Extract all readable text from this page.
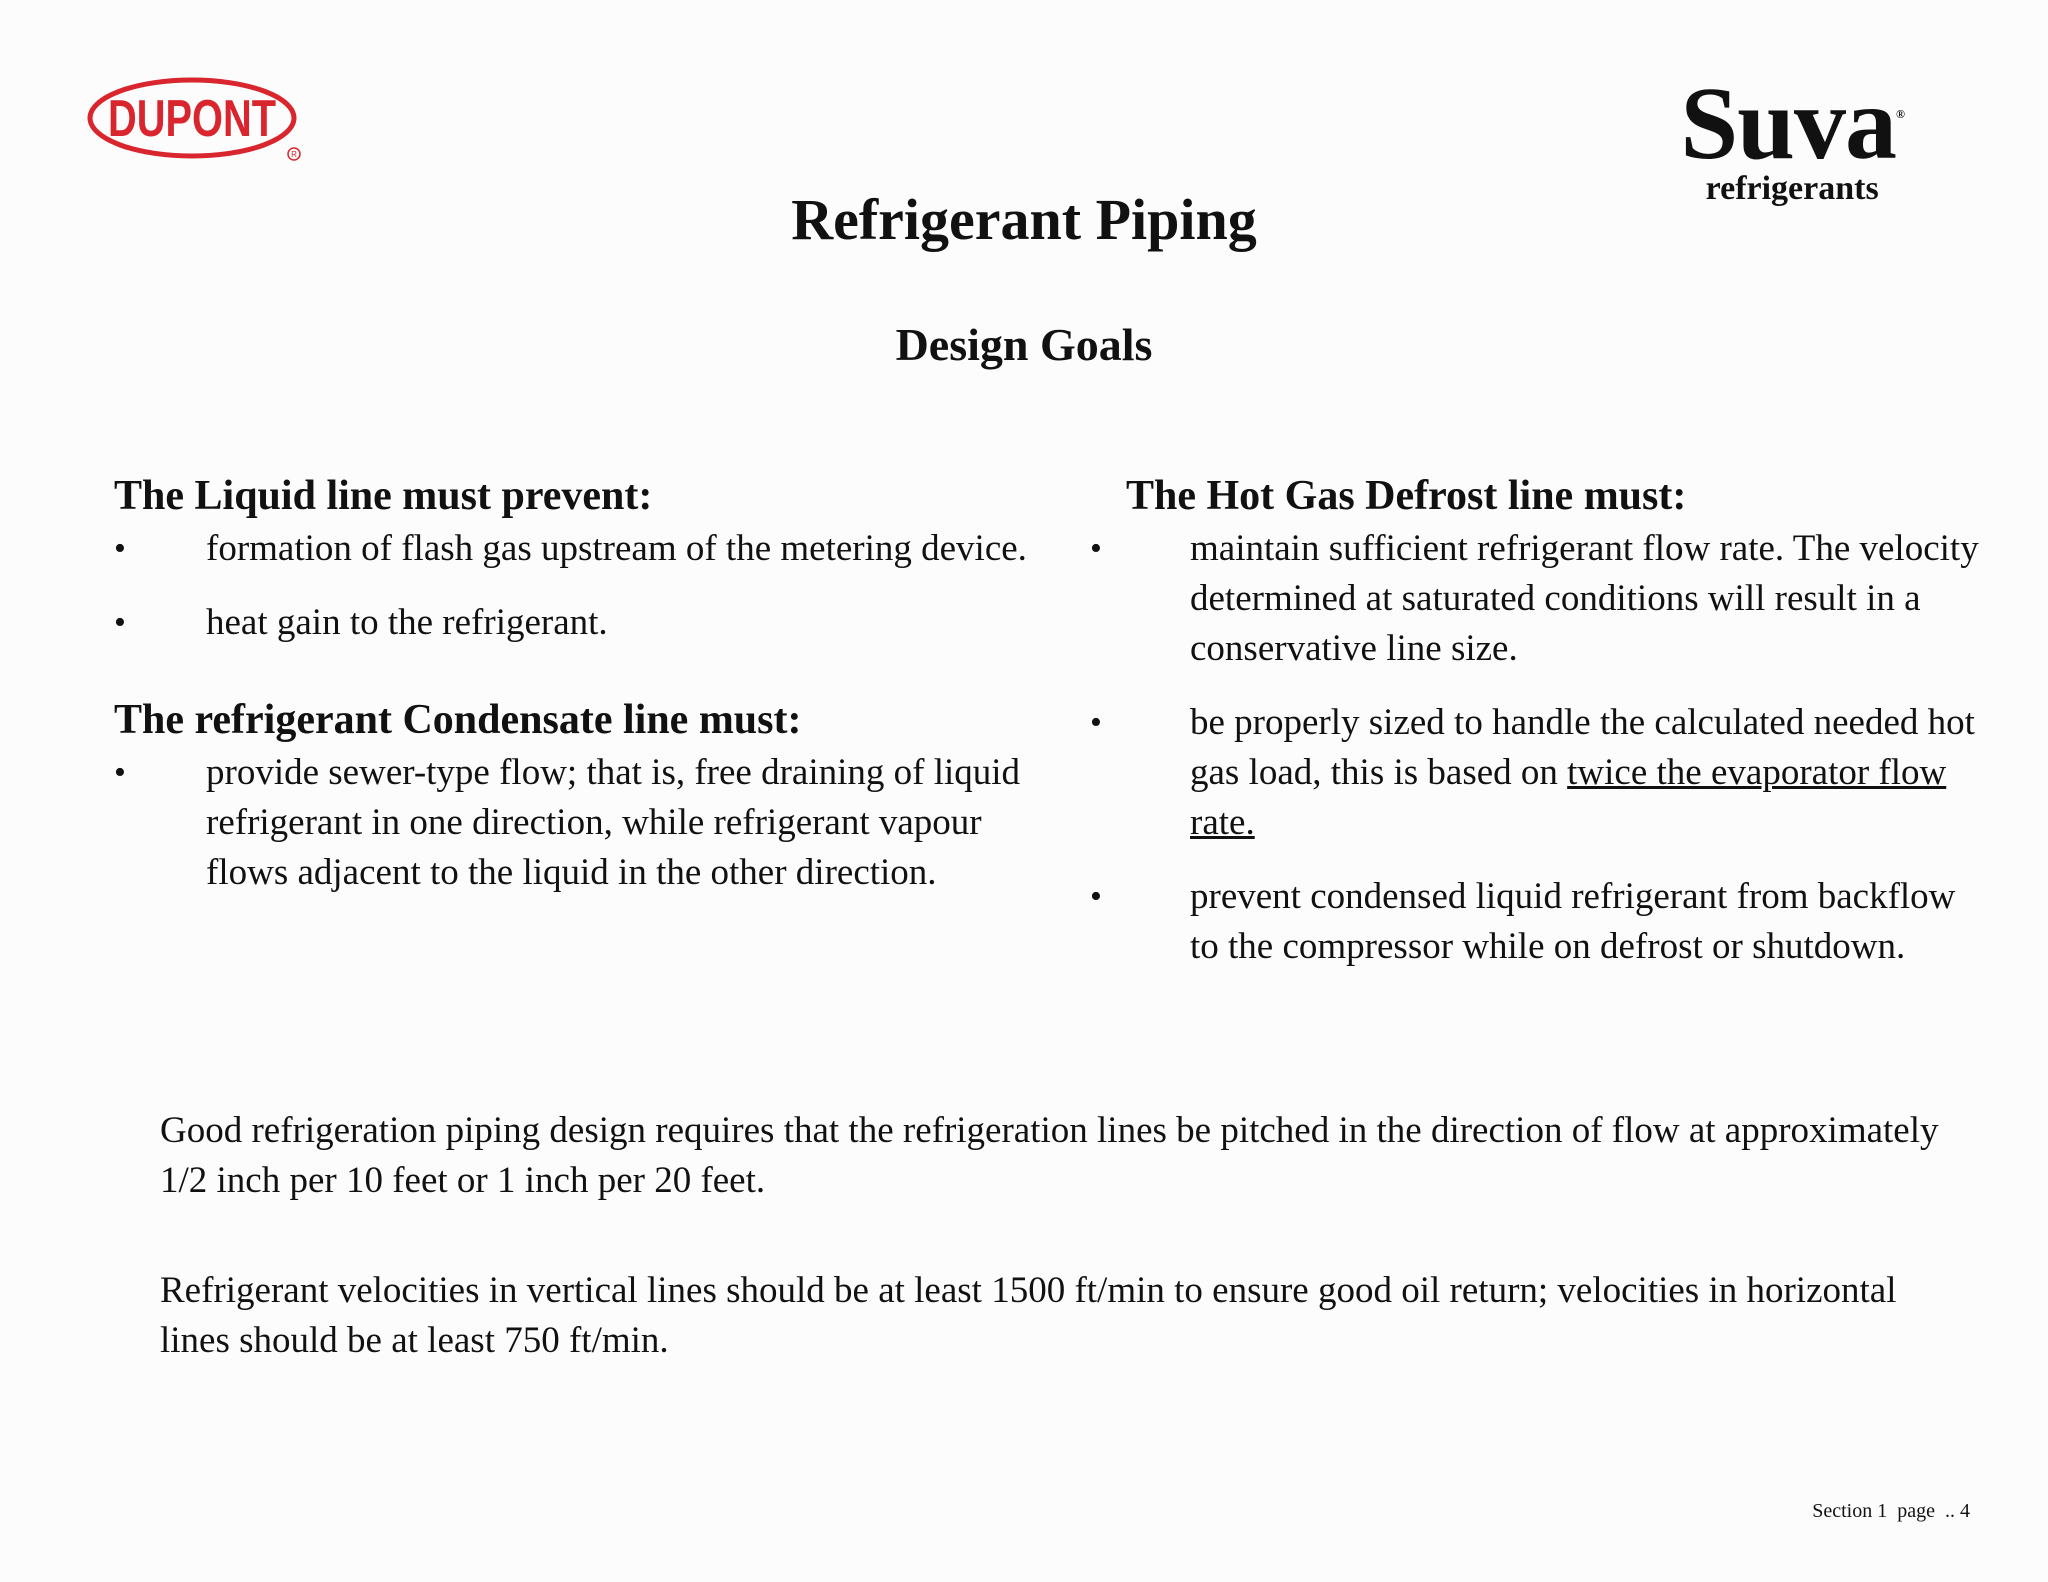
DUPONT
R	Suva®
refrigerants
Refrigerant Piping
Design Goals
The Liquid line must prevent:
• formation of flash gas upstream of the metering device.
• heat gain to the refrigerant.
The refrigerant Condensate line must:
• provide sewer-type flow; that is, free draining of liquid refrigerant in one direction, while refrigerant vapour flows adjacent to the liquid in the other direction.
The Hot Gas Defrost line must:
• maintain sufficient refrigerant flow rate. The velocity determined at saturated conditions will result in a conservative line size.
• be properly sized to handle the calculated needed hot gas load, this is based on twice the evaporator flow rate.
• prevent condensed liquid refrigerant from backflow to the compressor while on defrost or shutdown.
Good refrigeration piping design requires that the refrigeration lines be pitched in the direction of flow at approximately 1/2 inch per 10 feet or 1 inch per 20 feet.
Refrigerant velocities in vertical lines should be at least 1500 ft/min to ensure good oil return; velocities in horizontal lines should be at least 750 ft/min.
Section 1  page  .. 4
